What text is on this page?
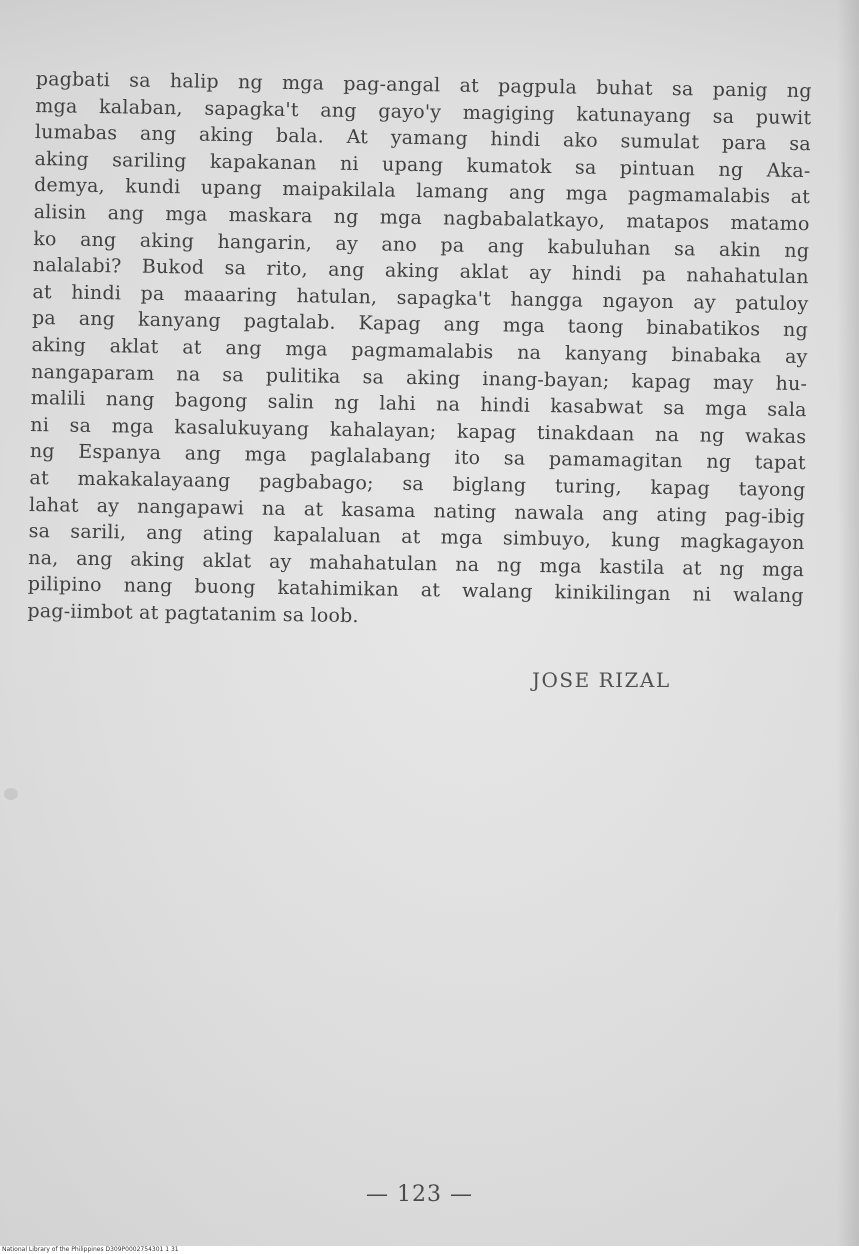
pagbati sa halip ng mga pag-angal at pagpula buhat sa panig ng
mga kalaban, sapagka't ang gayo'y magiging katunayang sa puwit
lumabas ang aking bala. At yamang hindi ako sumulat para sa
aking sariling kapakanan ni upang kumatok sa pintuan ng Aka-
demya, kundi upang maipakilala lamang ang mga pagmamalabis at
alisin ang mga maskara ng mga nagbabalatkayo, matapos matamo
ko ang aking hangarin, ay ano pa ang kabuluhan sa akin ng
nalalabi? Bukod sa rito, ang aking aklat ay hindi pa nahahatulan
at hindi pa maaaring hatulan, sapagka't hangga ngayon ay patuloy
pa ang kanyang pagtalab. Kapag ang mga taong binabatikos ng
aking aklat at ang mga pagmamalabis na kanyang binabaka ay
nangaparam na sa pulitika sa aking inang-bayan; kapag may hu-
malili nang bagong salin ng lahi na hindi kasabwat sa mga sala
ni sa mga kasalukuyang kahalayan; kapag tinakdaan na ng wakas
ng Espanya ang mga paglalabang ito sa pamamagitan ng tapat
at makakalayaang pagbabago; sa biglang turing, kapag tayong
lahat ay nangapawi na at kasama nating nawala ang ating pag-ibig
sa sarili, ang ating kapalaluan at mga simbuyo, kung magkagayon
na, ang aking aklat ay mahahatulan na ng mga kastila at ng mga
pilipino nang buong katahimikan at walang kinikilingan ni walang
pag-iimbot at pagtatanim sa loob.

JOSE RIZAL

— 123 —

National Library of the Philippines D309P0002754301 1 31
